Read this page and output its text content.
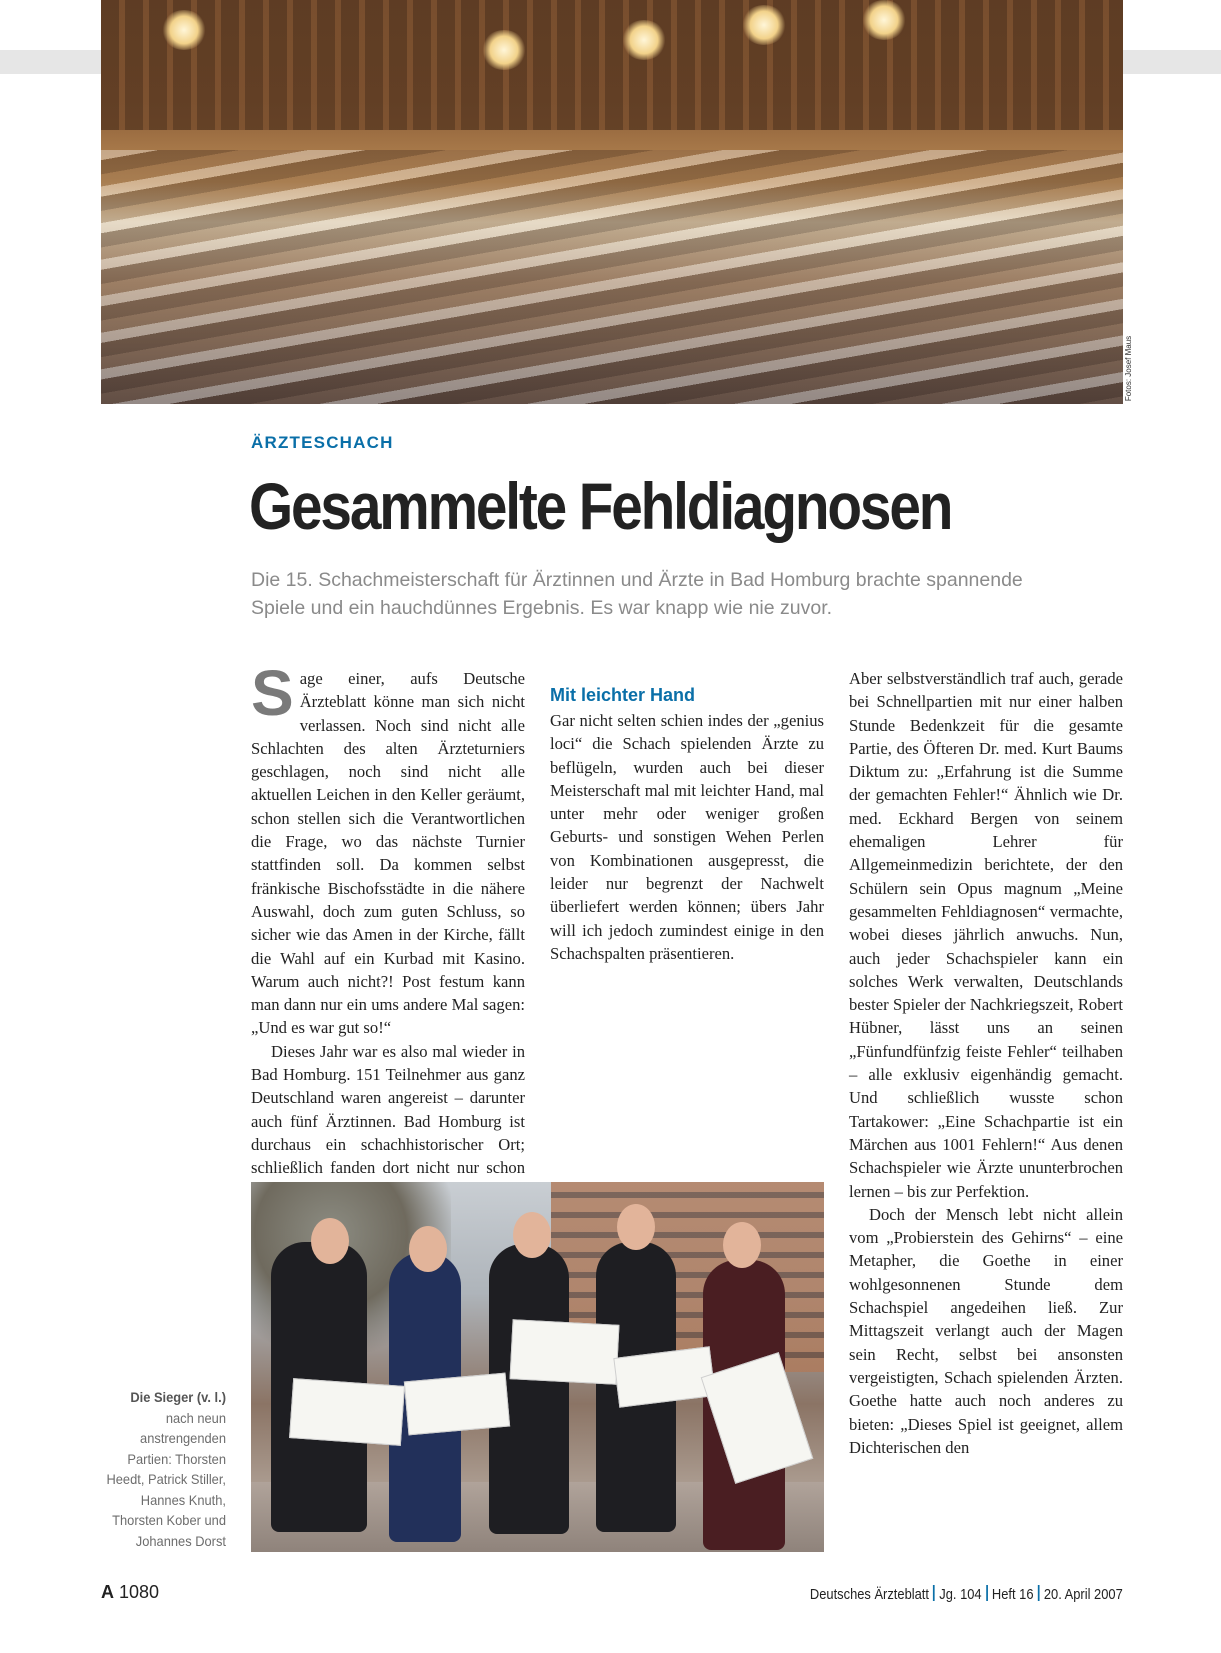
Fotos: Josef Maus
ÄRZTESCHACH
Gesammelte Fehldiagnosen
Die 15. Schachmeisterschaft für Ärztinnen und Ärzte in Bad Homburg brachte spannende Spiele und ein hauchdünnes Ergebnis. Es war knapp wie nie zuvor.

Sage einer, aufs Deutsche Ärzteblatt könne man sich nicht verlassen. Noch sind nicht alle Schlachten des alten Ärzteturniers geschlagen, noch sind nicht alle aktuellen Leichen in den Keller geräumt, schon stellen sich die Verantwortlichen die Frage, wo das nächste Turnier stattfinden soll. Da kommen selbst fränkische Bischofsstädte in die nähere Auswahl, doch zum guten Schluss, so sicher wie das Amen in der Kirche, fällt die Wahl auf ein Kurbad mit Kasino. Warum auch nicht?! Post festum kann man dann nur ein ums andere Mal sagen: „Und es war gut so!“

Dieses Jahr war es also mal wieder in Bad Homburg. 151 Teilnehmer aus ganz Deutschland waren angereist – darunter auch fünf Ärztinnen. Bad Homburg ist durchaus ein schachhistorischer Ort; schließlich fanden dort nicht nur schon

Mit leichter Hand

Gar nicht selten schien indes der „genius loci“ die Schach spielenden Ärzte zu beflügeln, wurden auch bei dieser Meisterschaft mal mit leichter Hand, mal unter mehr oder weniger großen Geburts- und sonstigen Wehen Perlen von Kombinationen ausgepresst, die leider nur begrenzt der Nachwelt überliefert werden können; übers Jahr will ich jedoch zumindest einige in den Schachspalten präsentieren.

Aber selbstverständlich traf auch, gerade bei Schnellpartien mit nur einer halben Stunde Bedenkzeit für die gesamte Partie, des Öfteren Dr. med. Kurt Baums Diktum zu: „Erfahrung ist die Summe der gemachten Fehler!“ Ähnlich wie Dr. med. Eckhard Bergen von seinem ehemaligen Lehrer für Allgemeinmedizin berichtete, der den Schülern sein Opus magnum „Meine gesammelten Fehldiagnosen“ vermachte, wobei dieses jährlich anwuchs. Nun, auch jeder Schachspieler kann ein solches Werk verwalten, Deutschlands bester Spieler der Nachkriegszeit, Robert Hübner, lässt uns an seinen „Fünfundfünfzig feiste Fehler“ teilhaben – alle exklusiv eigenhändig gemacht. Und schließlich wusste schon Tartakower: „Eine Schachpartie ist ein Märchen aus 1001 Fehlern!“ Aus denen Schachspieler wie Ärzte ununterbrochen lernen – bis zur Perfektion.

Doch der Mensch lebt nicht allein vom „Probierstein des Gehirns“ – eine Metapher, die Goethe in einer wohlgesonnenen Stunde dem Schachspiel angedeihen ließ. Zur Mittagszeit verlangt auch der Magen sein Recht, selbst bei ansonsten vergeistigten, Schach spielenden Ärzten. Goethe hatte auch noch anderes zu bieten: „Dieses Spiel ist geeignet, allem Dichterischen den

Die Sieger (v. l.)
nach neun anstrengenden Partien: Thorsten Heedt, Patrick Stiller, Hannes Knuth, Thorsten Kober und Johannes Dorst
A 1080	Deutsches Ärzteblatt Jg. 104 Heft 16 20. April 2007
